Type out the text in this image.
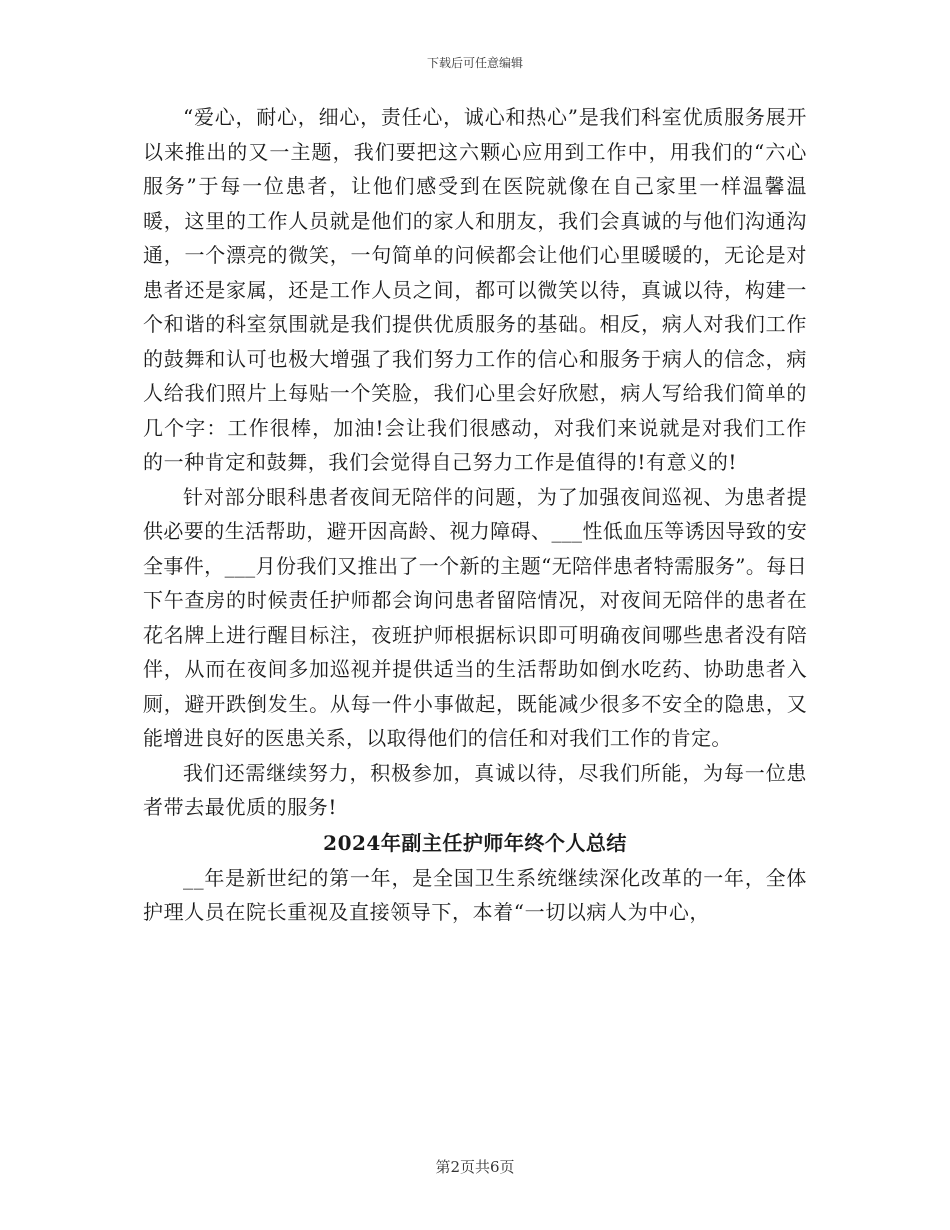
下载后可任意编辑

“爱心，耐心，细心，责任心，诚心和热心”是我们科室优质服务展开以来推出的又一主题，我们要把这六颗心应用到工作中，用我们的“六心服务”于每一位患者，让他们感受到在医院就像在自己家里一样温馨温暖，这里的工作人员就是他们的家人和朋友，我们会真诚的与他们沟通沟通，一个漂亮的微笑，一句简单的问候都会让他们心里暖暖的，无论是对患者还是家属，还是工作人员之间，都可以微笑以待，真诚以待，构建一个和谐的科室氛围就是我们提供优质服务的基础。相反，病人对我们工作的鼓舞和认可也极大增强了我们努力工作的信心和服务于病人的信念，病人给我们照片上每贴一个笑脸，我们心里会好欣慰，病人写给我们简单的几个字：工作很棒，加油!会让我们很感动，对我们来说就是对我们工作的一种肯定和鼓舞，我们会觉得自己努力工作是值得的!有意义的!

针对部分眼科患者夜间无陪伴的问题，为了加强夜间巡视、为患者提供必要的生活帮助，避开因高龄、视力障碍、___性低血压等诱因导致的安全事件，___月份我们又推出了一个新的主题“无陪伴患者特需服务”。每日下午查房的时候责任护师都会询问患者留陪情况，对夜间无陪伴的患者在花名牌上进行醒目标注，夜班护师根据标识即可明确夜间哪些患者没有陪伴，从而在夜间多加巡视并提供适当的生活帮助如倒水吃药、协助患者入厕，避开跌倒发生。从每一件小事做起，既能减少很多不安全的隐患，又能增进良好的医患关系，以取得他们的信任和对我们工作的肯定。

我们还需继续努力，积极参加，真诚以待，尽我们所能，为每一位患者带去最优质的服务!

2024年副主任护师年终个人总结

__年是新世纪的第一年，是全国卫生系统继续深化改革的一年，全体护理人员在院长重视及直接领导下，本着“一切以病人为中心，

第2页共6页
